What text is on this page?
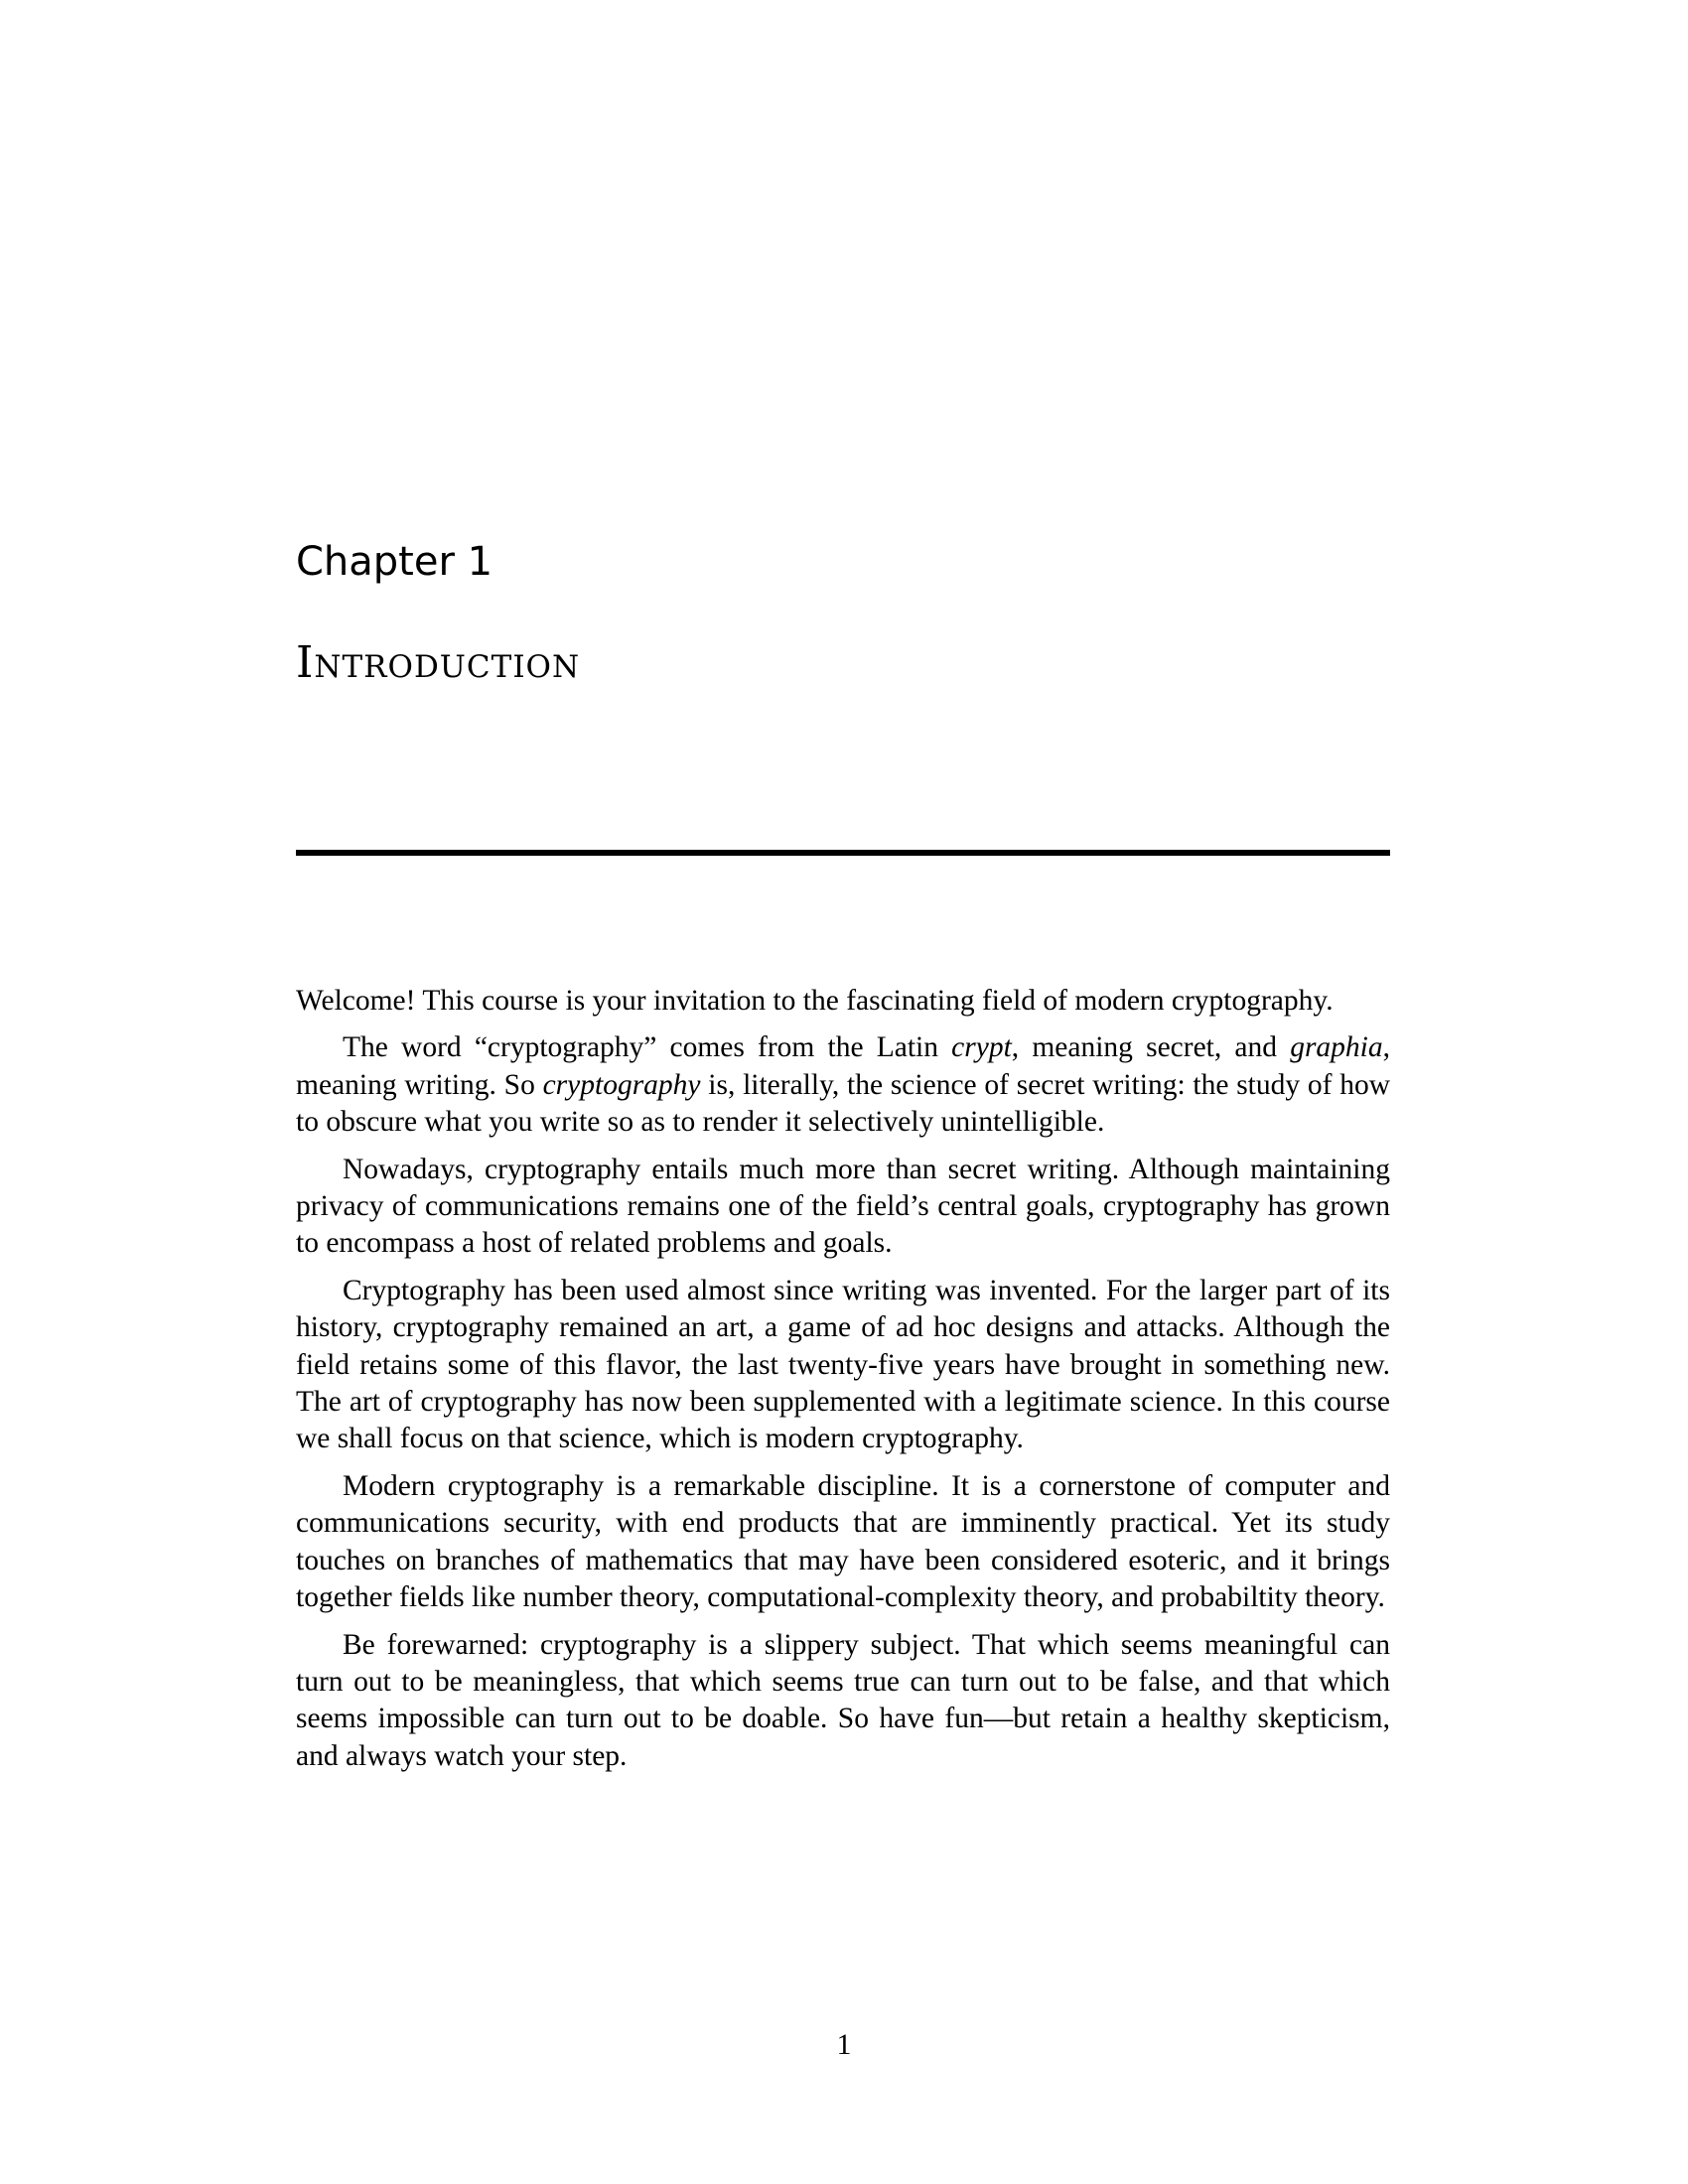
Chapter 1
Introduction

Welcome! This course is your invitation to the fascinating field of modern cryptography.

The word “cryptography” comes from the Latin crypt, meaning secret, and graphia, meaning writing. So cryptography is, literally, the science of secret writing: the study of how to obscure what you write so as to render it selectively unintelligible.

Nowadays, cryptography entails much more than secret writing. Although maintaining privacy of communications remains one of the field’s central goals, cryptography has grown to encompass a host of related problems and goals.

Cryptography has been used almost since writing was invented. For the larger part of its history, cryptography remained an art, a game of ad hoc designs and attacks. Although the field retains some of this flavor, the last twenty-five years have brought in something new. The art of cryptography has now been supplemented with a legitimate science. In this course we shall focus on that science, which is modern cryptography.

Modern cryptography is a remarkable discipline. It is a cornerstone of computer and communications security, with end products that are imminently practical. Yet its study touches on branches of mathematics that may have been considered esoteric, and it brings together fields like number theory, computational-complexity theory, and probabiltity theory.

Be forewarned: cryptography is a slippery subject. That which seems meaningful can turn out to be meaningless, that which seems true can turn out to be false, and that which seems impossible can turn out to be doable. So have fun—but retain a healthy skepticism, and always watch your step.

1
